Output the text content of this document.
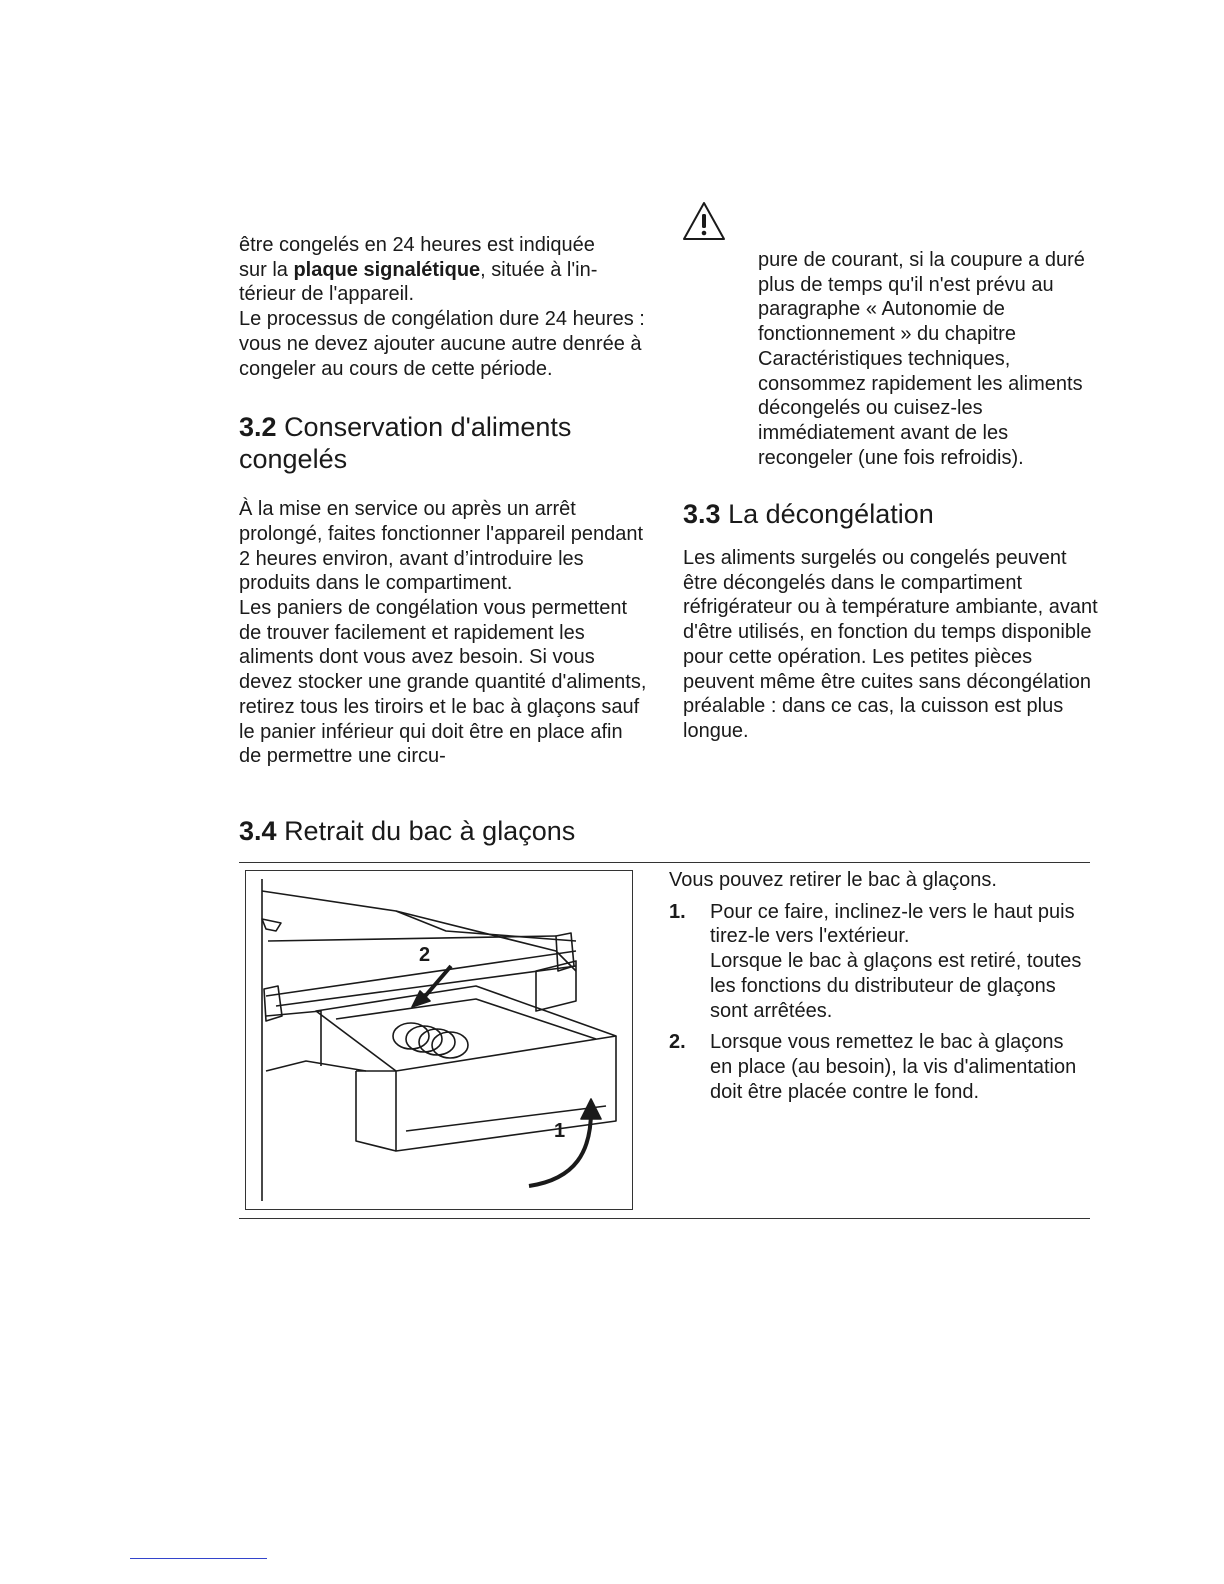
être congelés en 24 heures est indiquée
sur la plaque signalétique, située à l'in-
térieur de l'appareil.

Le processus de congélation dure 24 heures : vous ne devez ajouter aucune autre denrée à congeler au cours de cette période.

3.2 Conservation d'aliments congelés

À la mise en service ou après un arrêt prolongé, faites fonctionner l'appareil pendant 2 heures environ, avant d’introduire les produits dans le compartiment.

Les paniers de congélation vous permettent de trouver facilement et rapidement les aliments dont vous avez besoin. Si vous devez stocker une grande quantité d'aliments, retirez tous les tiroirs et le bac à glaçons sauf le panier inférieur qui doit être en place afin de permettre une circu-

pure de courant, si la coupure a duré plus de temps qu'il n'est prévu au paragraphe « Autonomie de fonctionnement » du chapitre Caractéristiques techniques, consommez rapidement les aliments décongelés ou cuisez-les immédiatement avant de les recongeler (une fois refroidis).
3.3 La décongélation

Les aliments surgelés ou congelés peuvent être décongelés dans le compartiment réfrigérateur ou à température ambiante, avant d'être utilisés, en fonction du temps disponible pour cette opération. Les petites pièces peuvent même être cuites sans décongélation préalable : dans ce cas, la cuisson est plus longue.

3.4 Retrait du bac à glaçons
1
2

Vous pouvez retirer le bac à glaçons.

1. Pour ce faire, inclinez-le vers le haut puis tirez-le vers l'extérieur.

Lorsque le bac à glaçons est retiré, toutes les fonctions du distributeur de glaçons sont arrêtées.

2. Lorsque vous remettez le bac à glaçons en place (au besoin), la vis d'alimentation doit être placée contre le fond.
